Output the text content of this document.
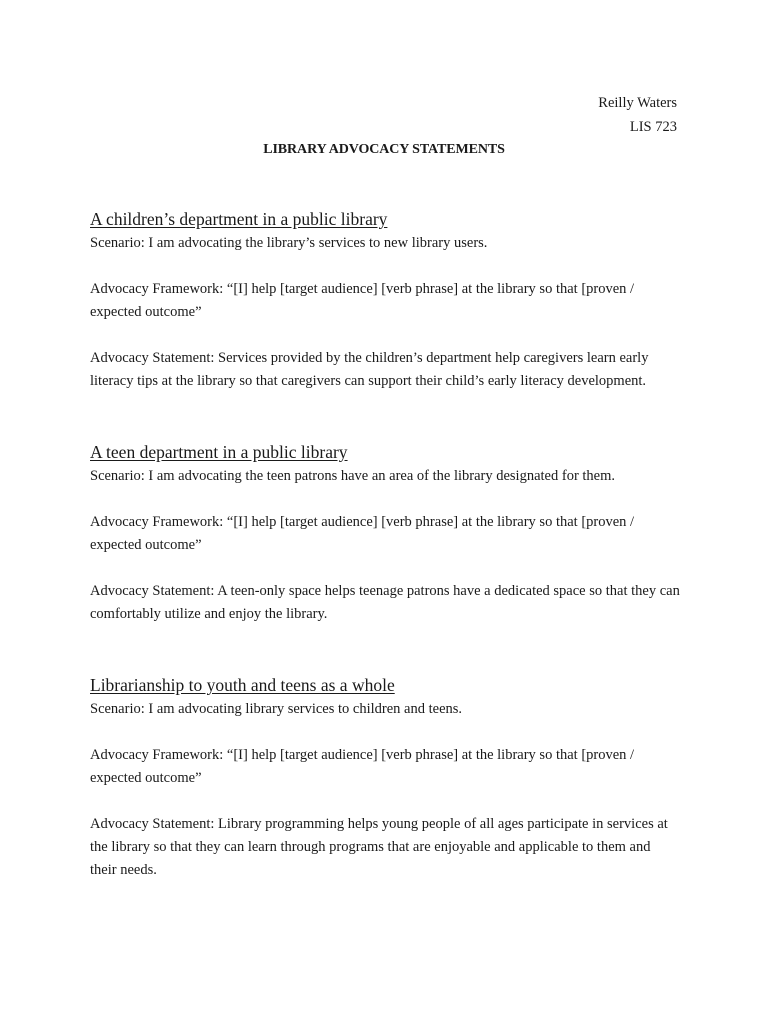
Reilly Waters
LIS 723
LIBRARY ADVOCACY STATEMENTS
A children’s department in a public library

Scenario: I am advocating the library’s services to new library users.

Advocacy Framework: “[I] help [target audience] [verb phrase] at the library so that [proven / expected outcome”

Advocacy Statement: Services provided by the children’s department help caregivers learn early literacy tips at the library so that caregivers can support their child’s early literacy development.

A teen department in a public library

Scenario: I am advocating the teen patrons have an area of the library designated for them.

Advocacy Framework: “[I] help [target audience] [verb phrase] at the library so that [proven / expected outcome”

Advocacy Statement: A teen-only space helps teenage patrons have a dedicated space so that they can comfortably utilize and enjoy the library.

Librarianship to youth and teens as a whole

Scenario: I am advocating library services to children and teens.

Advocacy Framework: “[I] help [target audience] [verb phrase] at the library so that [proven / expected outcome”

Advocacy Statement: Library programming helps young people of all ages participate in services at the library so that they can learn through programs that are enjoyable and applicable to them and their needs.
